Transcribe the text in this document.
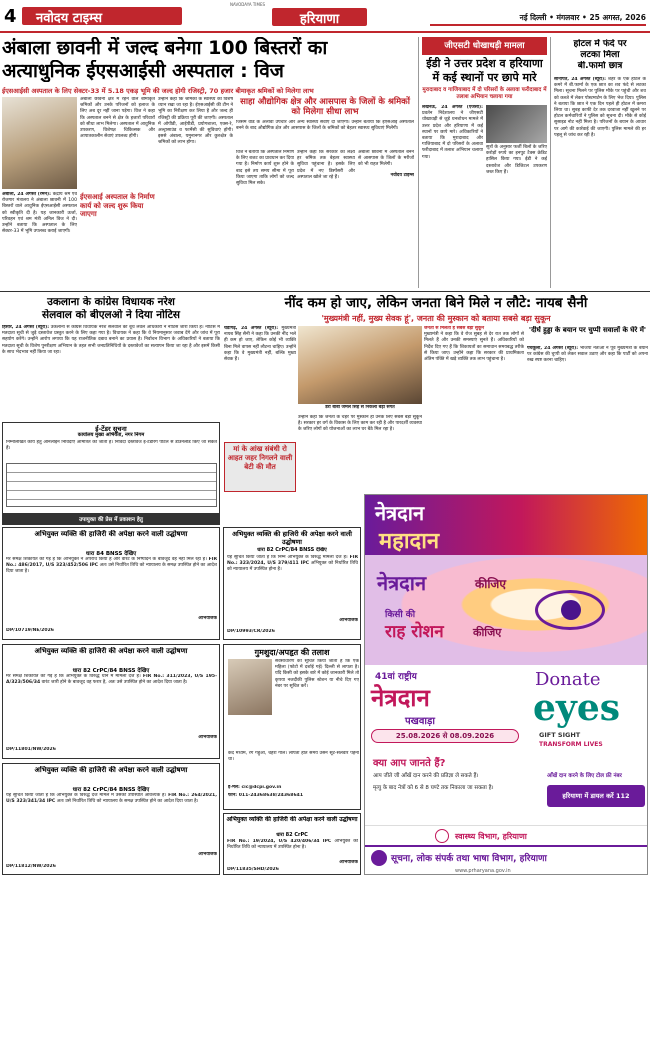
4 नवोदय टाइम्स
NAVODAYA TIMES
हरियाणा	नई दिल्ली • मंगलवार • 25 अगस्त, 2026
अंबाला छावनी में जल्द बनेगा 100 बिस्तरों का
अत्याधुनिक ईएसआईसी अस्पताल : विज
ईएसआईसी अस्पताल के लिए सेक्टर-33 में 5.18 एकड़ भूमि की जल्द होगी रजिस्ट्री, 70 हजार बीमाकृत श्रमिकों को मिलेगा लाभ
अंबाला, 24 अगस्त (रमन): केंद्रीय श्रम एवं रोजगार मंत्रालय ने अंबाला छावनी में 100 बिस्तरों वाले आधुनिक ईएसआईसी अस्पताल को स्वीकृति दी है। यह जानकारी ऊर्जा, परिवहन एवं श्रम मंत्री अनिल विज ने दी। उन्होंने बताया कि अस्पताल के लिए सेक्टर-33 में भूमि उपलब्ध कराई जाएगी।
अंबाला छावनी क्षेत्र में रहने वाले बीमाकृत श्रमिकों और उनके परिजनों को इलाज के लिए अब दूर नहीं जाना पड़ेगा। विज ने कहा कि अस्पताल बनने से क्षेत्र के हजारों परिवारों को सीधा लाभ मिलेगा। अस्पताल में आधुनिक उपकरण, विशेषज्ञ चिकित्सक और आपातकालीन सेवाएं उपलब्ध होंगी।
ईएसआई अस्पताल के निर्माण कार्य को जल्द शुरू किया जाएगा
उन्होंने कहा कि श्रमिकों के स्वास्थ्य का विशेष ध्यान रखा जा रहा है। ईएसआईसी की टीम ने भूमि का निरीक्षण कर लिया है और जल्द ही रजिस्ट्री की प्रक्रिया पूरी की जाएगी। अस्पताल में ओपीडी, आईपीडी, प्रयोगशाला, एक्स-रे, अल्ट्रासाउंड व फार्मेसी की सुविधाएं होंगी। इससे अंबाला, यमुनानगर और कुरुक्षेत्र के श्रमिकों को लाभ होगा।
साहा औद्योगिक क्षेत्र और आसपास के जिलों के श्रमिकों को मिलेगा सीधा लाभ
जिसमें वार्ड के अलावा उपचार और अन्य स्वास्थ्य सेवाएं दी जाएंगी। उन्होंने बताया कि ईएसआई अस्पताल बनने के बाद औद्योगिक क्षेत्र और आसपास के जिलों के श्रमिकों को बेहतर स्वास्थ्य सुविधाएं मिलेंगी।
विज ने बताया कि अस्पताल निर्माण के लिए बजट का प्रावधान कर दिया गया है। निर्माण कार्य शुरू होने के बाद इसे तय समय सीमा में पूरा किया जाएगा ताकि लोगों को जल्द सुविधा मिल सके।
उन्होंने कहा कि सरकार का लक्ष्य हर श्रमिक तक बेहतर स्वास्थ्य सुविधा पहुंचाना है। इसके लिए प्रदेश में नए डिस्पेंसरी और अस्पताल खोले जा रहे हैं।
अंबाला छावनी में अस्पताल बनने से आसपास के जिलों के मरीजों को भी राहत मिलेगी।
नवोदय टाइम्स
जीएसटी धोखाधड़ी मामला
ईडी ने उत्तर प्रदेश व हरियाणा
में कई स्थानों पर छापे मारे
मुरादाबाद व गाजियाबाद में दो परिसरों के अलावा फरीदाबाद में तलाश अभियान चलाया गया
लखनऊ, 24 अगस्त (एजेंसी): प्रवर्तन निदेशालय ने जीएसटी धोखाधड़ी से जुड़े धनशोधन मामले में उत्तर प्रदेश और हरियाणा में कई स्थानों पर छापे मारे। अधिकारियों ने बताया कि मुरादाबाद और गाजियाबाद में दो परिसरों के अलावा फरीदाबाद में तलाश अभियान चलाया गया।
सूत्रों के अनुसार फर्जी बिलों के जरिए करोड़ों रुपये का इनपुट टैक्स क्रेडिट हासिल किया गया। ईडी ने कई दस्तावेज और डिजिटल उपकरण जब्त किए हैं।
होटल में फंदे पर
लटका मिला
बी.फार्मा छात्र
सोनीपत, 24 अगस्त (ब्यूरो): शहर के एक होटल के कमरे में बी.फार्मा के एक छात्र का शव फंदे से लटका मिला। सूचना मिलने पर पुलिस मौके पर पहुंची और शव को कब्जे में लेकर पोस्टमार्टम के लिए भेज दिया। पुलिस ने बताया कि छात्र ने एक दिन पहले ही होटल में कमरा लिया था। सुबह काफी देर तक दरवाजा नहीं खुलने पर होटल कर्मचारियों ने पुलिस को सूचना दी। मौके से कोई सुसाइड नोट नहीं मिला है। परिजनों के बयान के आधार पर आगे की कार्रवाई की जाएगी। पुलिस मामले की हर पहलू से जांच कर रही है।
उकलाना के कांग्रेस विधायक नरेश
सेलवाल को बीएलओ ने दिया नोटिस
हिसार, 24 अगस्त (ब्यूरो): उकलाना से कांग्रेस विधायक नरेश सेलवाल को बूथ लेवल अधिकारी ने नोटिस जारी किया है। नोटिस में मतदाता सूची से जुड़े दस्तावेज प्रस्तुत करने के लिए कहा गया है। विधायक ने कहा कि वे नियमानुसार जवाब देंगे और जांच में पूरा सहयोग करेंगे। उन्होंने आरोप लगाया कि यह राजनीतिक दबाव बनाने का प्रयास है। निर्वाचन विभाग के अधिकारियों ने बताया कि मतदाता सूची के विशेष पुनरीक्षण अभियान के तहत सभी जनप्रतिनिधियों के दस्तावेजों का सत्यापन किया जा रहा है और इसमें किसी के साथ भेदभाव नहीं किया जा रहा।
ई-टेंडर सूचना
कार्यालय मुख्य अभियंता, नगर निगम
निम्नलिखित कार्य हेतु ऑनलाइन निविदाएं आमंत्रित की जाती हैं। निविदा दस्तावेज ई-टेंडरिंग पोर्टल से डाउनलोड किए जा सकते हैं।
उपायुक्त की प्रेस में प्रकाशन हेतु
नींद कम हो जाए, लेकिन जनता बिने मिले न लौटे: नायब सैनी
'मुख्यमंत्री नहीं, मुख्य सेवक हूं', जनता की मुस्कान को बताया सबसे बड़ा सुकून
चंडीगढ़, 24 अगस्त (ब्यूरो): मुख्यमंत्री नायब सिंह सैनी ने कहा कि उनकी नींद भले ही कम हो जाए, लेकिन कोई भी व्यक्ति बिना मिले वापस नहीं लौटना चाहिए। उन्होंने कहा कि वे मुख्यमंत्री नहीं, बल्कि मुख्य सेवक हैं।
डेरा बाबा जैमल सिंह से निकली बड़ी संगत
मां के आंख संबंधी रो आहत जहर निगलने वाली बेटी की मौत
उन्होंने कहा कि जनता के चेहरे पर मुस्कान ही उनके लिए सबसे बड़ा सुकून है। सरकार हर वर्ग के विकास के लिए काम कर रही है और पारदर्शी व्यवस्था के जरिए लोगों को योजनाओं का लाभ घर बैठे मिल रहा है।
जनता से मिलता है सबसे बड़ा सुकून
मुख्यमंत्री ने कहा कि वे रोज सुबह से देर रात तक लोगों से मिलते हैं और उनकी समस्याएं सुनते हैं। अधिकारियों को निर्देश दिए गए हैं कि शिकायतों का समाधान समयबद्ध तरीके से किया जाए। उन्होंने कहा कि सरकार की प्राथमिकता अंतिम पंक्ति में खड़े व्यक्ति तक लाभ पहुंचाना है।
'दीर्घ हुड्डा के बयान पर चुप्पी सवालों के घेरे में'
पंचकूला, 24 अगस्त (ब्यूरो): भाजपा नेताओं ने पूर्व मुख्यमंत्री के बयान पर कांग्रेस की चुप्पी को लेकर सवाल उठाए और कहा कि पार्टी को अपना रुख स्पष्ट करना चाहिए।
अभियुक्त व्यक्ति की हाजिरी की अपेक्षा करने वाली उद्घोषणा
धारा 84 BNSS देखिए
मेरे समक्ष शिकायत की गई है कि अभियुक्त ने अपराध किया है और वारंट के निष्पादन के बावजूद वह नहीं मिल रहा है। FIR No.: 486/2017, U/S 323/452/506 IPC अतः उसे निर्धारित तिथि को न्यायालय के समक्ष उपस्थित होने का आदेश दिया जाता है।
अभियोजक
DP/10719/NE/2026
अभियुक्त व्यक्ति की हाजिरी की अपेक्षा करने वाली उद्घोषणा
धारा 82 CrPC/84 BNSS देखिए
यह सूचित किया जाता है कि निम्न अभियुक्त के विरुद्ध मामला दर्ज है। FIR No.: 323/2024, U/S 379/411 IPC अभियुक्त को निर्धारित तिथि को न्यायालय में उपस्थित होना है।
अभियोजक
DP/10993/CR/2026
अभियुक्त व्यक्ति की हाजिरी की अपेक्षा करने वाली उद्घोषणा
धारा 82 CrPC/84 BNSS देखिए
मेरे समक्ष शिकायत की गई है कि अभियुक्त के विरुद्ध थाने में मामला दर्ज है। FIR No.: 311/2023, U/S 195-A/323/506/34 वारंट जारी होने के बावजूद वह फरार है, अतः उसे उपस्थित होने का आदेश दिया जाता है।
अभियोजक
DP/11801/NW/2026
गुमशुदा/अपहृत की तलाश
सर्वसाधारण को सूचित किया जाता है कि एक महिला (फोटो में दर्शाई गई) दिल्ली से लापता है। यदि किसी को इसके बारे में कोई जानकारी मिले तो कृपया नजदीकी पुलिस स्टेशन या नीचे दिए गए नंबर पर सूचित करें।
कद मध्यम, रंग गेहुंआ, चेहरा गोल। लापता होते समय उसने सूट-सलवार पहना था।
ई-मेल: cic@dcpi.gov.in
फोन: 011-24368638/24368641
अभियुक्त व्यक्ति की हाजिरी की अपेक्षा करने वाली उद्घोषणा
धारा 82 CrPC/84 BNSS देखिए
यह सूचित किया जाता है कि अभियुक्त के विरुद्ध दर्ज मामले में उसकी उपस्थिति आवश्यक है। FIR No.: 264/2021, U/S 323/341/34 IPC अतः उसे निर्धारित तिथि को न्यायालय के समक्ष उपस्थित होने का आदेश दिया जाता है।
अभियोजक
DP/11812/NW/2026
अभियुक्त व्यक्ति की हाजिरी की अपेक्षा करने वाली उद्घोषणा
धारा 82 CrPC
FIR No.: 19/2024, U/S 420/406/34 IPC अभियुक्त को निर्धारित तिथि को न्यायालय में उपस्थित होना है।
अभियोजक
DP/11835/SHD/2026
नेत्रदान
महादान
नेत्रदान	कीजिए
किसी की
राह रोशन	कीजिए
41वां राष्ट्रीय
नेत्रदान
पखवाड़ा
25.08.2026 से 08.09.2026
Donate
eyes
GIFT SIGHT
TRANSFORM LIVES
क्या आप जानते हैं?
आप जीते जी आँखें दान करने की प्रतिज्ञा ले सकते हैं।
मृत्यु के बाद नेत्रों को 6 से 8 घण्टे तक निकाला जा सकता है।
आँखें दान करने के लिए टोल फ्री नंबर
हरियाणा में डायल करें 112
स्वास्थ्य विभाग, हरियाणा
सूचना, लोक संपर्क तथा भाषा विभाग, हरियाणा
www.prharyana.gov.in
